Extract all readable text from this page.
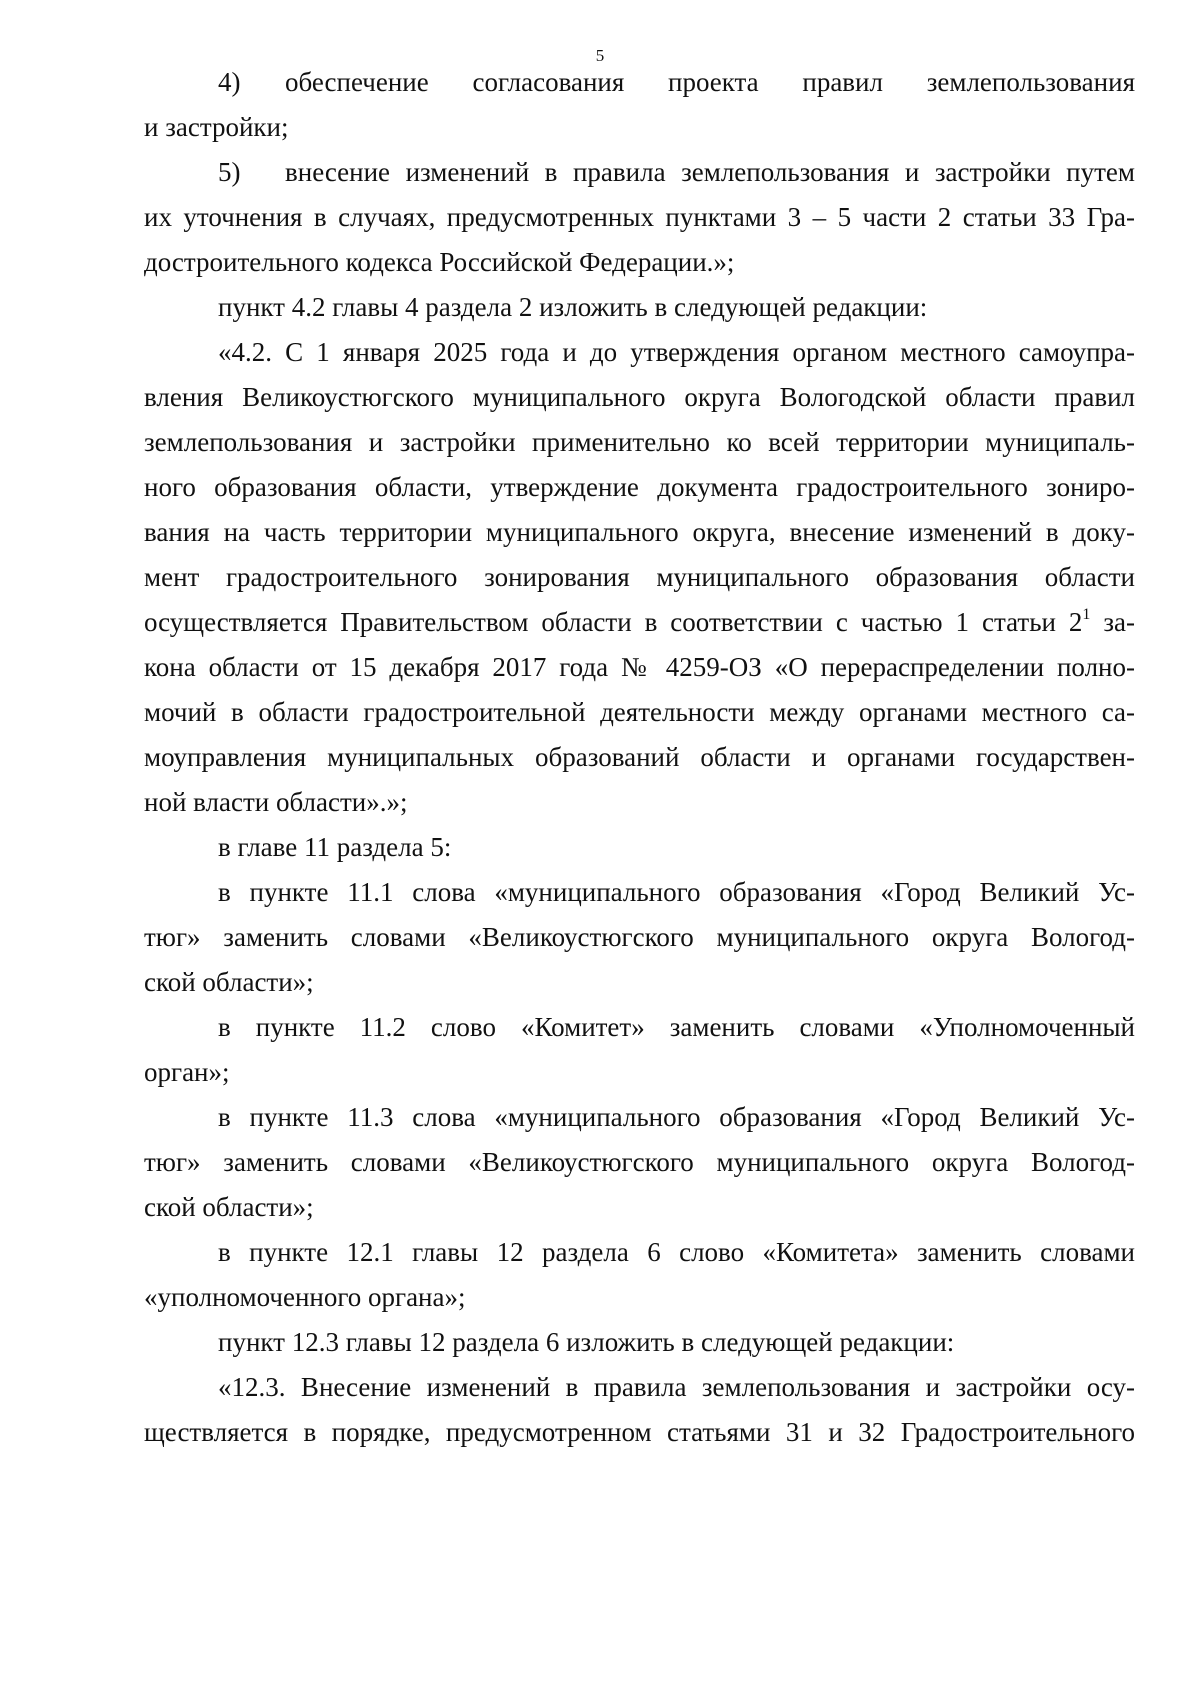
5
4) обеспечение согласования проекта правил землепользования
и застройки;
5) внесение изменений в правила землепользования и застройки путем
их уточнения в случаях, предусмотренных пунктами 3 – 5 части 2 статьи 33 Гра-
достроительного кодекса Российской Федерации.»;
пункт 4.2 главы 4 раздела 2 изложить в следующей редакции:
«4.2. С 1 января 2025 года и до утверждения органом местного самоупра-
вления Великоустюгского муниципального округа Вологодской области правил
землепользования и застройки применительно ко всей территории муниципаль-
ного образования области, утверждение документа градостроительного зониро-
вания на часть территории муниципального округа, внесение изменений в доку-
мент градостроительного зонирования муниципального образования области
осуществляется Правительством области в соответствии с частью 1 статьи $2^1$ за-
кона области от 15 декабря 2017 года № 4259-ОЗ «О перераспределении полно-
мочий в области градостроительной деятельности между органами местного са-
моуправления муниципальных образований области и органами государствен-
ной власти области».»;
в главе 11 раздела 5:
в пункте 11.1 слова «муниципального образования «Город Великий Ус-
тюг» заменить словами «Великоустюгского муниципального округа Вологод-
ской области»;
в пункте 11.2 слово «Комитет» заменить словами «Уполномоченный
орган»;
в пункте 11.3 слова «муниципального образования «Город Великий Ус-
тюг» заменить словами «Великоустюгского муниципального округа Вологод-
ской области»;
в пункте 12.1 главы 12 раздела 6 слово «Комитета» заменить словами
«уполномоченного органа»;
пункт 12.3 главы 12 раздела 6 изложить в следующей редакции:
«12.3. Внесение изменений в правила землепользования и застройки осу-
ществляется в порядке, предусмотренном статьями 31 и 32 Градостроительного
